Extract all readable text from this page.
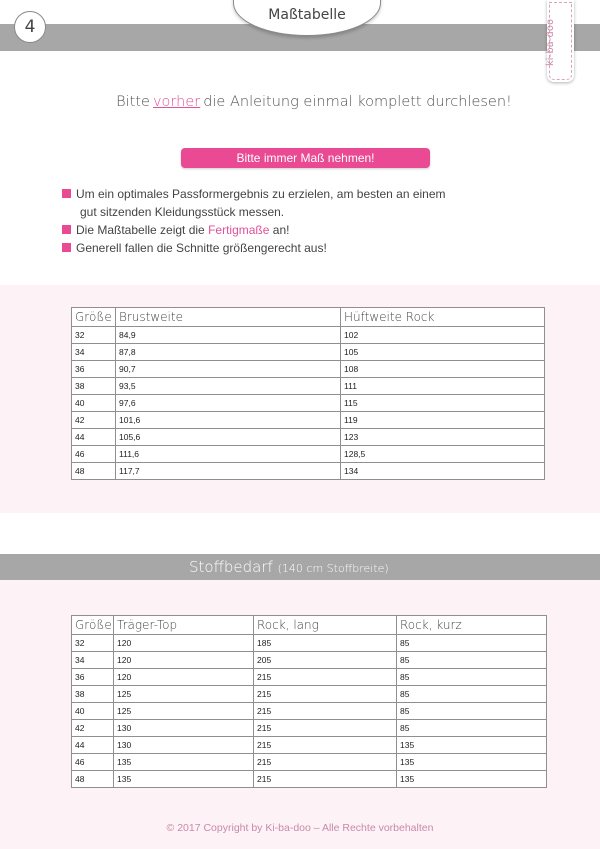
4
Maßtabelle
ki-ba-doo
Bitte vorher die Anleitung einmal komplett durchlesen!
Bitte immer Maß nehmen!
Um ein optimales Passformergebnis zu erzielen, am besten an einem
gut sitzenden Kleidungsstück messen.
Die Maßtabelle zeigt die Fertigmaße an!
Generell fallen die Schnitte größengerecht aus!
Größe	Brustweite	Hüftweite Rock
32	84,9	102
34	87,8	105
36	90,7	108
38	93,5	111
40	97,6	115
42	101,6	119
44	105,6	123
46	111,6	128,5
48	117,7	134
Stoffbedarf (140 cm Stoffbreite)
Größe	Träger-Top	Rock, lang	Rock, kurz
32	120	185	85
34	120	205	85
36	120	215	85
38	125	215	85
40	125	215	85
42	130	215	85
44	130	215	135
46	135	215	135
48	135	215	135
© 2017 Copyright by Ki-ba-doo – Alle Rechte vorbehalten
